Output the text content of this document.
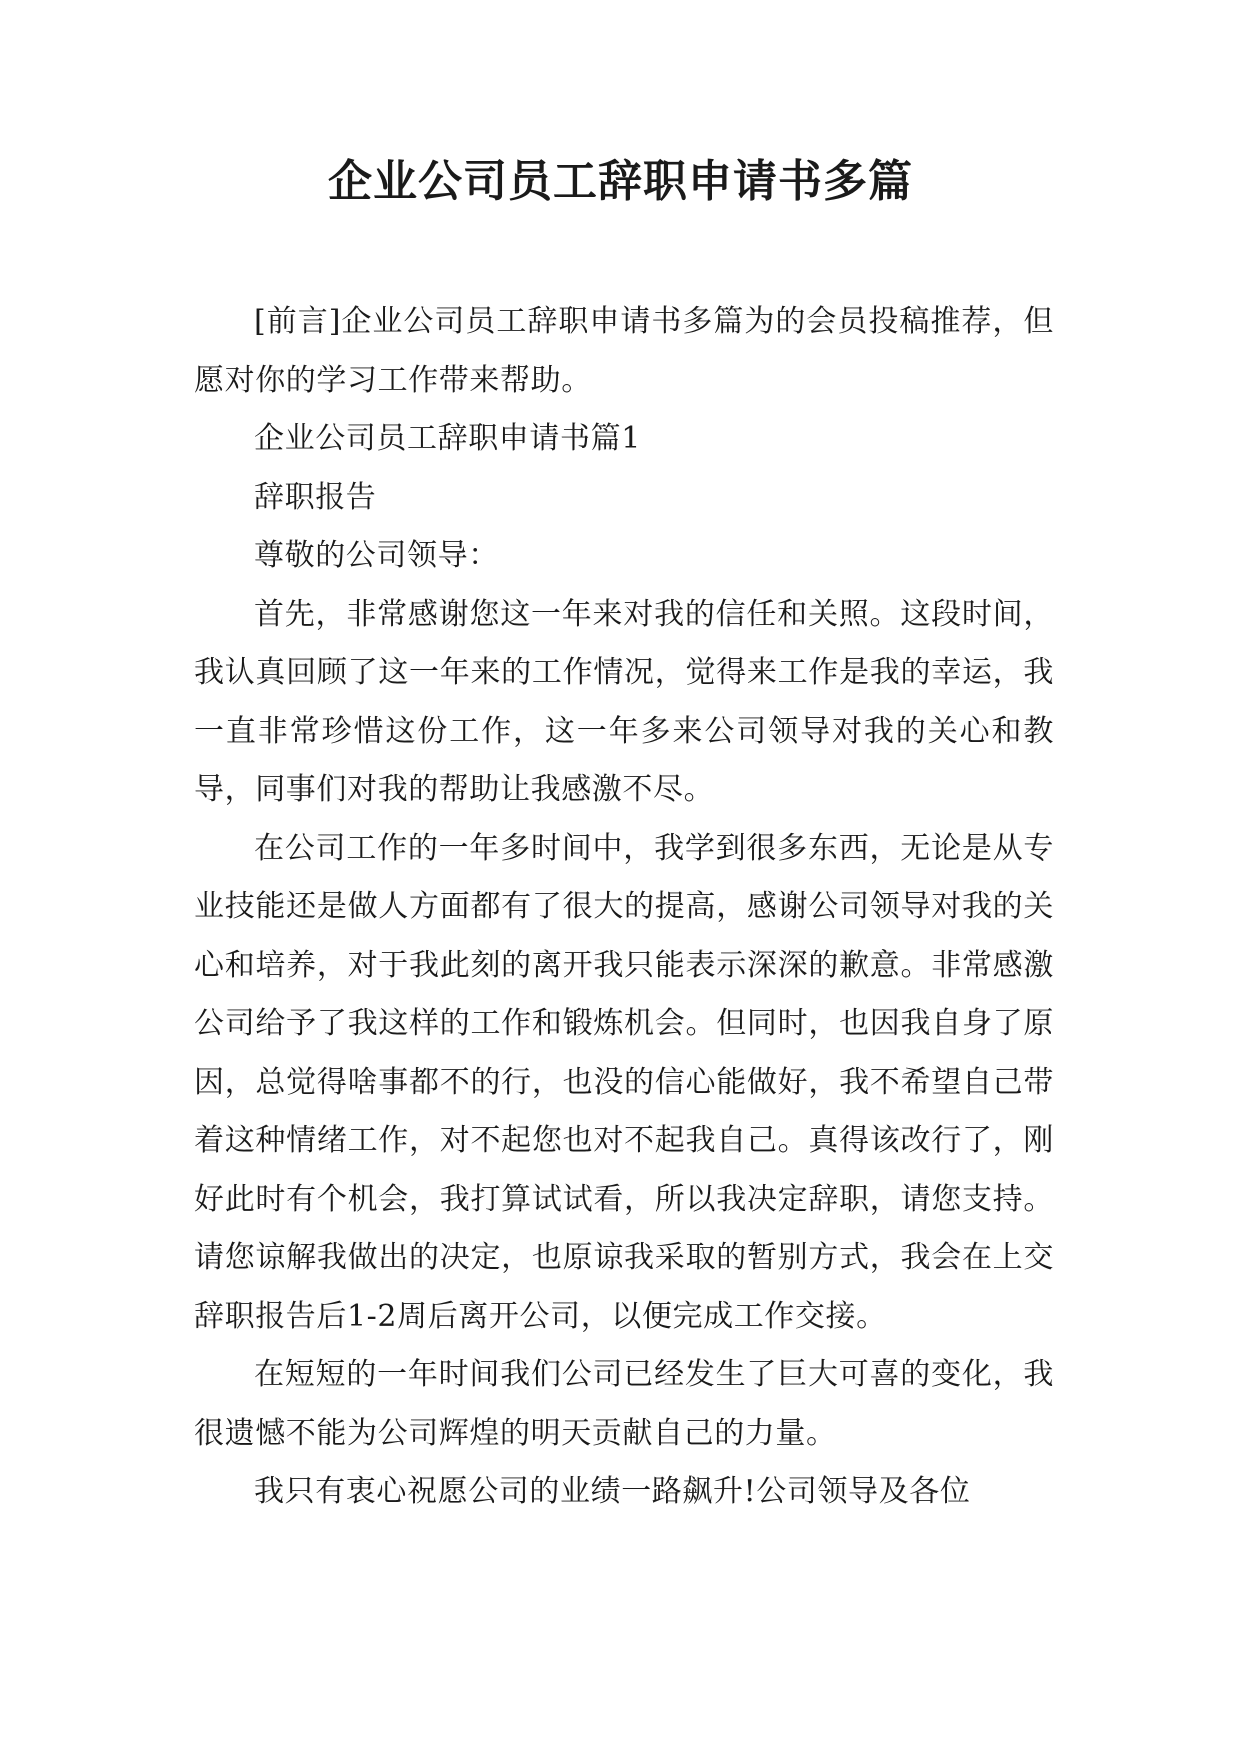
企业公司员工辞职申请书多篇

[前言]企业公司员工辞职申请书多篇为的会员投稿推荐，但愿对你的学习工作带来帮助。

企业公司员工辞职申请书篇1

辞职报告

尊敬的公司领导：

首先，非常感谢您这一年来对我的信任和关照。这段时间，我认真回顾了这一年来的工作情况，觉得来工作是我的幸运，我一直非常珍惜这份工作，这一年多来公司领导对我的关心和教导，同事们对我的帮助让我感激不尽。

在公司工作的一年多时间中，我学到很多东西，无论是从专业技能还是做人方面都有了很大的提高，感谢公司领导对我的关心和培养，对于我此刻的离开我只能表示深深的歉意。非常感激公司给予了我这样的工作和锻炼机会。但同时，也因我自身了原因，总觉得啥事都不的行，也没的信心能做好，我不希望自己带着这种情绪工作，对不起您也对不起我自己。真得该改行了，刚好此时有个机会，我打算试试看，所以我决定辞职，请您支持。请您谅解我做出的决定，也原谅我采取的暂别方式，我会在上交辞职报告后1-2周后离开公司，以便完成工作交接。

在短短的一年时间我们公司已经发生了巨大可喜的变化，我很遗憾不能为公司辉煌的明天贡献自己的力量。

我只有衷心祝愿公司的业绩一路飙升!公司领导及各位
